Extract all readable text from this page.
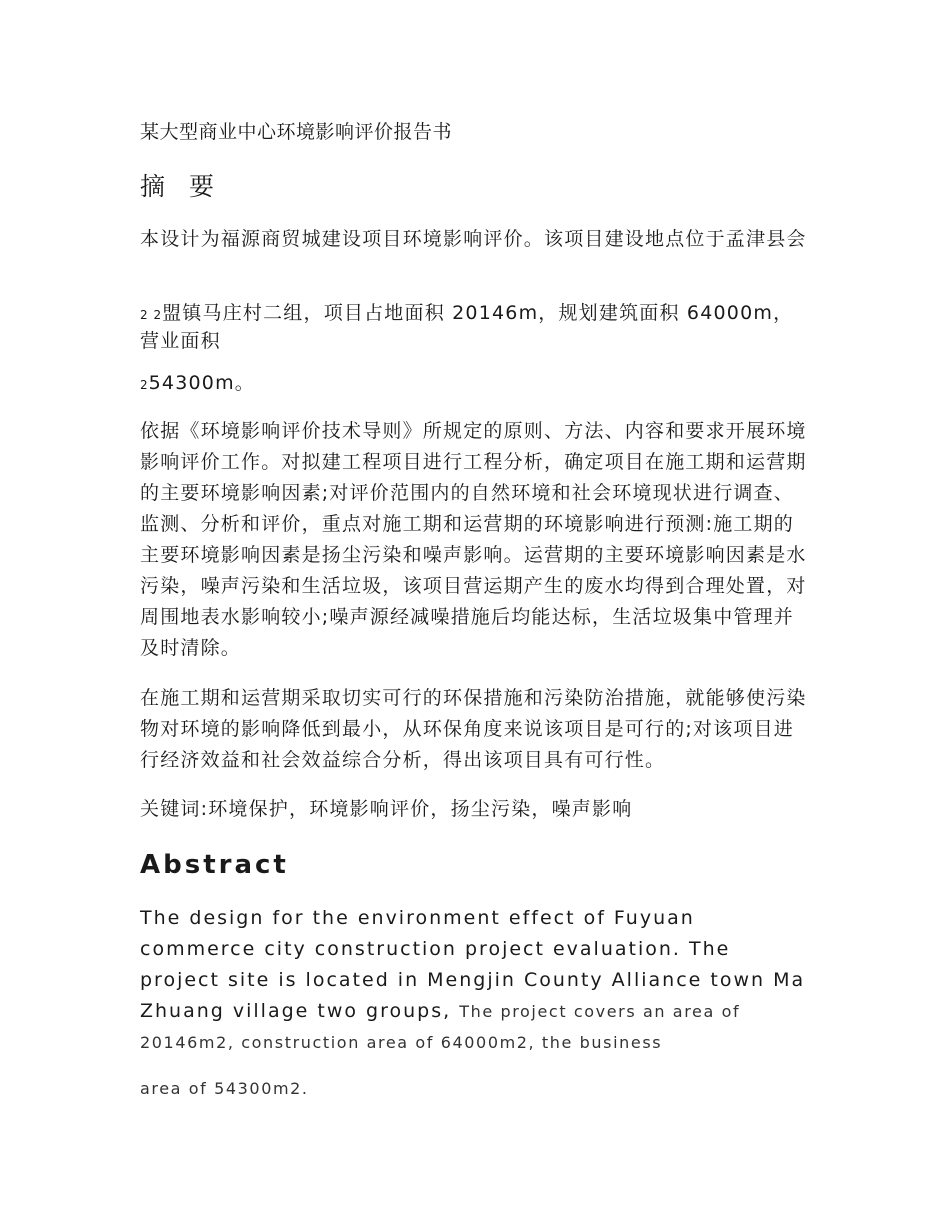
某大型商业中心环境影响评价报告书
摘 要

本设计为福源商贸城建设项目环境影响评价。该项目建设地点位于孟津县会

2 2盟镇马庄村二组，项目占地面积 20146m，规划建筑面积 64000m，营业面积

254300m。

依据《环境影响评价技术导则》所规定的原则、方法、内容和要求开展环境影响评价工作。对拟建工程项目进行工程分析，确定项目在施工期和运营期的主要环境影响因素;对评价范围内的自然环境和社会环境现状进行调查、监测、分析和评价，重点对施工期和运营期的环境影响进行预测:施工期的主要环境影响因素是扬尘污染和噪声影响。运营期的主要环境影响因素是水污染，噪声污染和生活垃圾，该项目营运期产生的废水均得到合理处置，对周围地表水影响较小;噪声源经减噪措施后均能达标，生活垃圾集中管理并及时清除。

在施工期和运营期采取切实可行的环保措施和污染防治措施，就能够使污染物对环境的影响降低到最小，从环保角度来说该项目是可行的;对该项目进行经济效益和社会效益综合分析，得出该项目具有可行性。

关键词:环境保护，环境影响评价，扬尘污染，噪声影响

Abstract

The design for the environment effect of Fuyuan commerce city construction project evaluation. The project site is located in Mengjin County Alliance town Ma Zhuang village two groups, The project covers an area of 20146m2, construction area of 64000m2, the business

area of 54300m2.
